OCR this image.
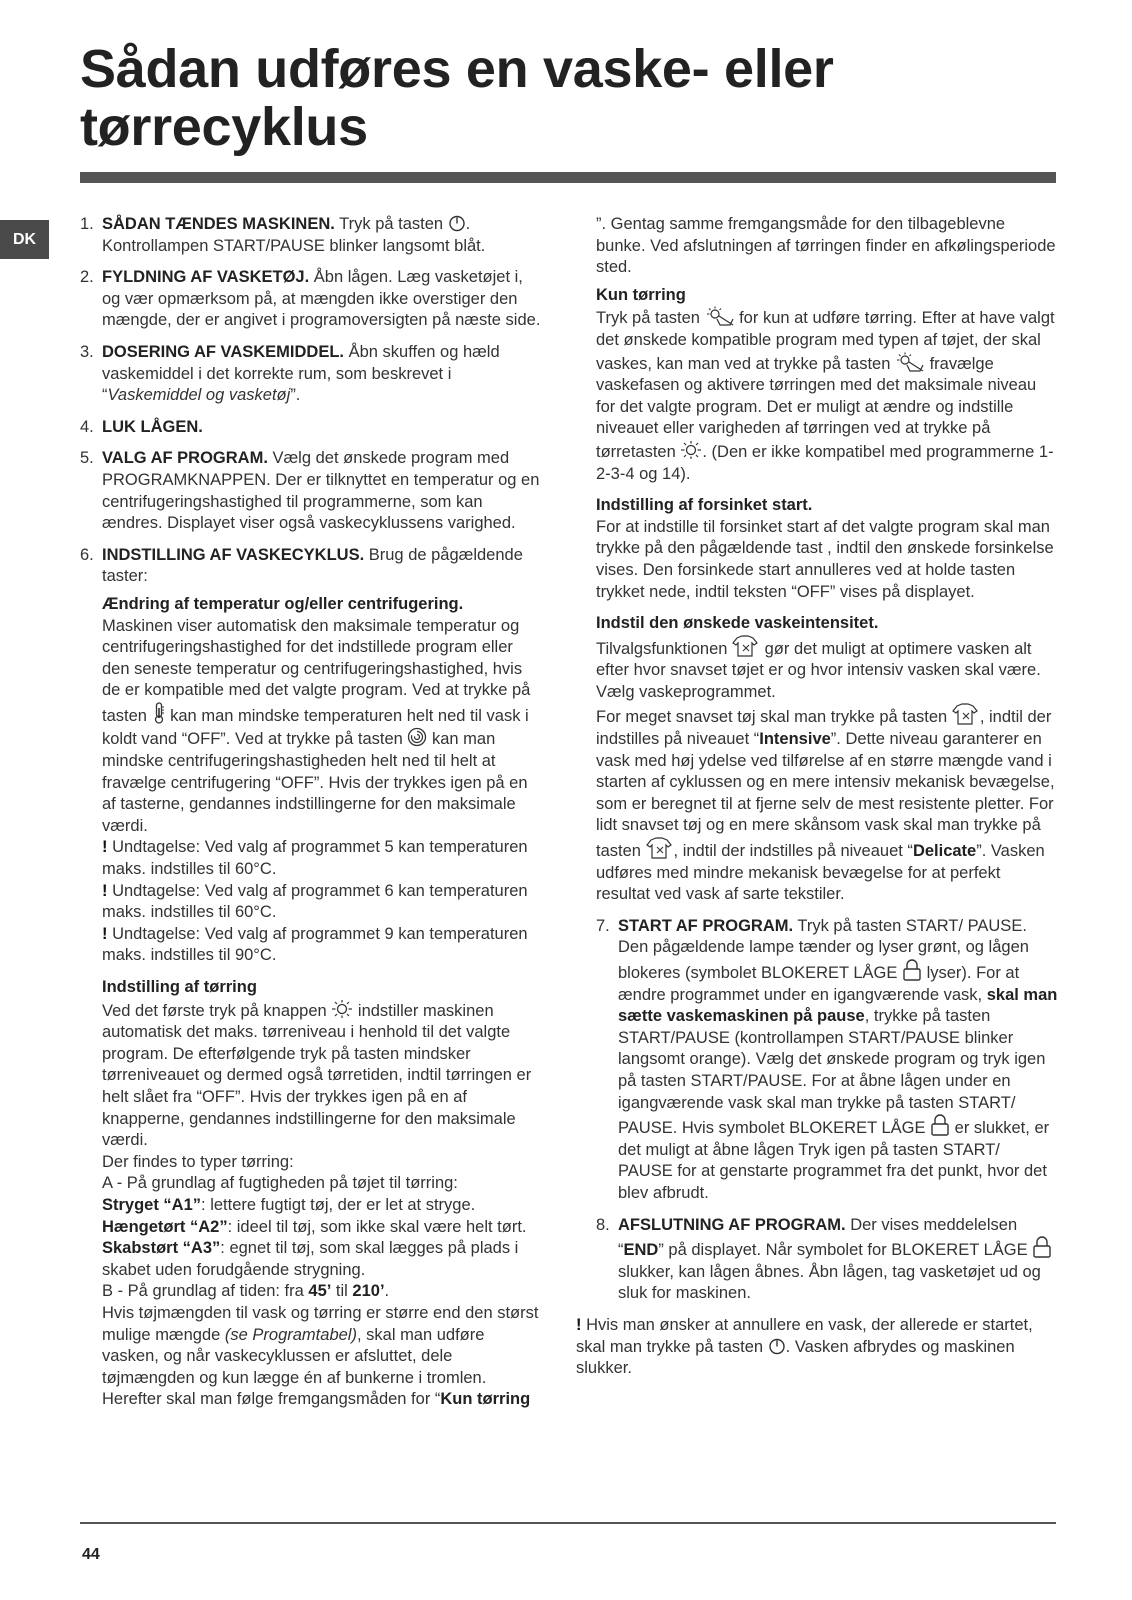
Sådan udføres en vaske- eller tørrecyklus
DK
1. SÅDAN TÆNDES MASKINEN. Tryk på tasten
. Kontrollampen START/PAUSE blinker langsomt blåt.
2. FYLDNING AF VASKETØJ. Åbn lågen. Læg vasketøjet i, og vær opmærksom på, at mængden ikke overstiger den mængde, der er angivet i programoversigten på næste side.
3. DOSERING AF VASKEMIDDEL. Åbn skuffen og hæld vaskemiddel i det korrekte rum, som beskrevet i “Vaskemiddel og vasketøj”.
4. LUK LÅGEN.
5. VALG AF PROGRAM. Vælg det ønskede program med PROGRAMKNAPPEN. Der er tilknyttet en temperatur og en centrifugeringshastighed til programmerne, som kan ændres. Displayet viser også vaskecyklussens varighed.
6. INDSTILLING AF VASKECYKLUS. Brug de pågældende taster:
Ændring af temperatur og/eller centrifugering.

Maskinen viser automatisk den maksimale temperatur og centrifugeringshastighed for det indstillede program eller den seneste temperatur og centrifugeringshastighed, hvis de er kompatible med det valgte program. Ved at trykke på tasten
kan man mindske temperaturen helt ned til vask i koldt vand “OFF”. Ved at trykke på tasten
kan man mindske centrifugeringshastigheden helt ned til helt at fravælge centrifugering “OFF”. Hvis der trykkes igen på en af tasterne, gendannes indstillingerne for den maksimale værdi.

! Undtagelse: Ved valg af programmet 5 kan temperaturen maks. indstilles til 60°C.

! Undtagelse: Ved valg af programmet 6 kan temperaturen maks. indstilles til 60°C.

! Undtagelse: Ved valg af programmet 9 kan temperaturen maks. indstilles til 90°C.

Indstilling af tørring

Ved det første tryk på knappen
indstiller maskinen automatisk det maks. tørreniveau i henhold til det valgte program. De efterfølgende tryk på tasten mindsker tørreniveauet og dermed også tørretiden, indtil tørringen er helt slået fra “OFF”. Hvis der trykkes igen på en af knapperne, gendannes indstillingerne for den maksimale værdi.

Der findes to typer tørring:

A - På grundlag af fugtigheden på tøjet til tørring:

Stryget “A1”: lettere fugtigt tøj, der er let at stryge.

Hængetørt “A2”: ideel til tøj, som ikke skal være helt tørt.

Skabstørt “A3”: egnet til tøj, som skal lægges på plads i skabet uden forudgående strygning.

B - På grundlag af tiden: fra 45’ til 210’.

Hvis tøjmængden til vask og tørring er større end den størst mulige mængde (se Programtabel), skal man udføre vasken, og når vaskecyklussen er afsluttet, dele tøjmængden og kun lægge én af bunkerne i tromlen. Herefter skal man følge fremgangsmåden for “Kun tørring

”. Gentag samme fremgangsmåde for den tilbageblevne bunke. Ved afslutningen af tørringen finder en afkølingsperiode sted.

Kun tørring

Tryk på tasten
for kun at udføre tørring. Efter at have valgt det ønskede kompatible program med typen af tøjet, der skal vaskes, kan man ved at trykke på tasten
fravælge vaskefasen og aktivere tørringen med det maksimale niveau for det valgte program. Det er muligt at ændre og indstille niveauet eller varigheden af tørringen ved at trykke på tørretasten
. (Den er ikke kompatibel med programmerne 1-2-3-4 og 14).

Indstilling af forsinket start.

For at indstille til forsinket start af det valgte program skal man trykke på den pågældende tast , indtil den ønskede forsinkelse vises. Den forsinkede start annulleres ved at holde tasten trykket nede, indtil teksten “OFF” vises på displayet.

Indstil den ønskede vaskeintensitet.

Tilvalgsfunktionen
gør det muligt at optimere vasken alt efter hvor snavset tøjet er og hvor intensiv vasken skal være.

Vælg vaskeprogrammet.

For meget snavset tøj skal man trykke på tasten
, indtil der indstilles på niveauet “Intensive”. Dette niveau garanterer en vask med høj ydelse ved tilførelse af en større mængde vand i starten af cyklussen og en mere intensiv mekanisk bevægelse, som er beregnet til at fjerne selv de mest resistente pletter. For lidt snavset tøj og en mere skånsom vask skal man trykke på tasten
, indtil der indstilles på niveauet “Delicate”. Vasken udføres med mindre mekanisk bevægelse for at perfekt resultat ved vask af sarte tekstiler.

7. START AF PROGRAM. Tryk på tasten START/ PAUSE. Den pågældende lampe tænder og lyser grønt, og lågen blokeres (symbolet BLOKERET LÅGE
lyser). For at ændre programmet under en igangværende vask, skal man sætte vaskemaskinen på pause, trykke på tasten START/PAUSE (kontrollampen START/PAUSE blinker langsomt orange). Vælg det ønskede program og tryk igen på tasten START/PAUSE. For at åbne lågen under en igangværende vask skal man trykke på tasten START/ PAUSE. Hvis symbolet BLOKERET LÅGE
er slukket, er det muligt at åbne lågen Tryk igen på tasten START/ PAUSE for at genstarte programmet fra det punkt, hvor det blev afbrudt.
8. AFSLUTNING AF PROGRAM. Der vises meddelelsen “END” på displayet. Når symbolet for BLOKERET LÅGE
slukker, kan lågen åbnes. Åbn lågen, tag vasketøjet ud og sluk for maskinen.

! Hvis man ønsker at annullere en vask, der allerede er startet, skal man trykke på tasten
. Vasken afbrydes og maskinen slukker.

44
